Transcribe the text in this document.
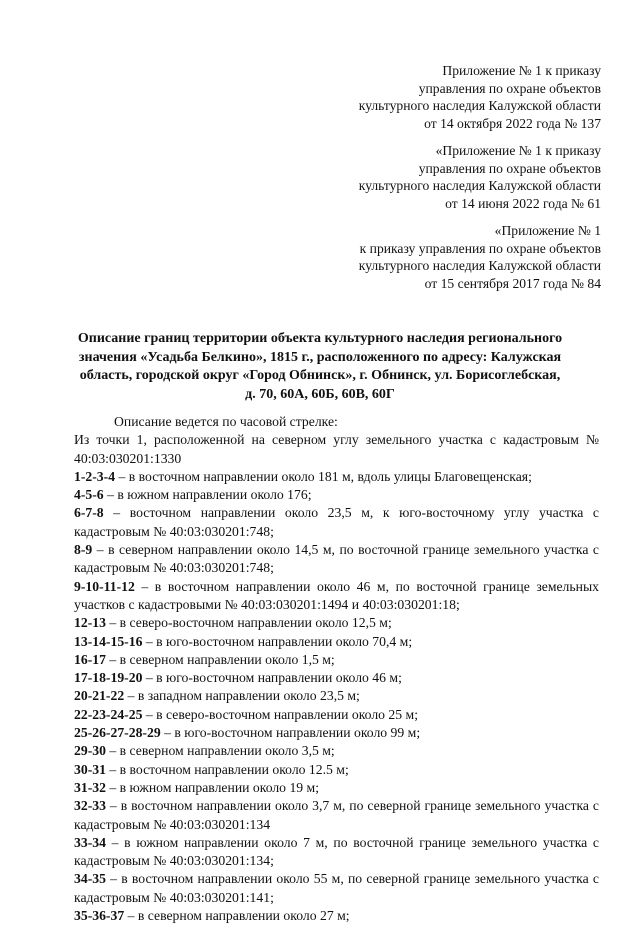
Приложение № 1 к приказу
управления по охране объектов
культурного наследия Калужской области
от 14 октября 2022 года № 137
«Приложение № 1 к приказу
управления по охране объектов
культурного наследия Калужской области
от 14 июня 2022 года № 61
«Приложение № 1
к приказу управления по охране объектов
культурного наследия Калужской области
от 15 сентября 2017 года № 84
Описание границ территории объекта культурного наследия регионального
значения «Усадьба Белкино», 1815 г., расположенного по адресу: Калужская
область, городской округ «Город Обнинск», г. Обнинск, ул. Борисоглебская,
д. 70, 60А, 60Б, 60В, 60Г

Описание ведется по часовой стрелке:

Из точки 1, расположенной на северном углу земельного участка с кадастровым № 40:03:030201:1330

1-2-3-4 – в восточном направлении около 181 м, вдоль улицы Благовещенская;

4-5-6 – в южном направлении около 176;

6-7-8 – восточном направлении около 23,5 м, к юго-восточному углу участка с кадастровым № 40:03:030201:748;

8-9 – в северном направлении около 14,5 м, по восточной границе земельного участка с кадастровым № 40:03:030201:748;

9-10-11-12 – в восточном направлении около 46 м, по восточной границе земельных участков с кадастровыми № 40:03:030201:1494 и 40:03:030201:18;

12-13 – в северо-восточном направлении около 12,5 м;

13-14-15-16 – в юго-восточном направлении около 70,4 м;

16-17 – в северном направлении около 1,5 м;

17-18-19-20 – в юго-восточном направлении около 46 м;

20-21-22 – в западном направлении около 23,5 м;

22-23-24-25 – в северо-восточном направлении около 25 м;

25-26-27-28-29 – в юго-восточном направлении около 99 м;

29-30 – в северном направлении около 3,5 м;

30-31 – в восточном направлении около 12.5 м;

31-32 – в южном направлении около 19 м;

32-33 – в восточном направлении около 3,7 м, по северной границе земельного участка с кадастровым № 40:03:030201:134

33-34 – в южном направлении около 7 м, по восточной границе земельного участка с кадастровым № 40:03:030201:134;

34-35 – в восточном направлении около 55 м, по северной границе земельного участка с кадастровым № 40:03:030201:141;

35-36-37 – в северном направлении около 27 м;
